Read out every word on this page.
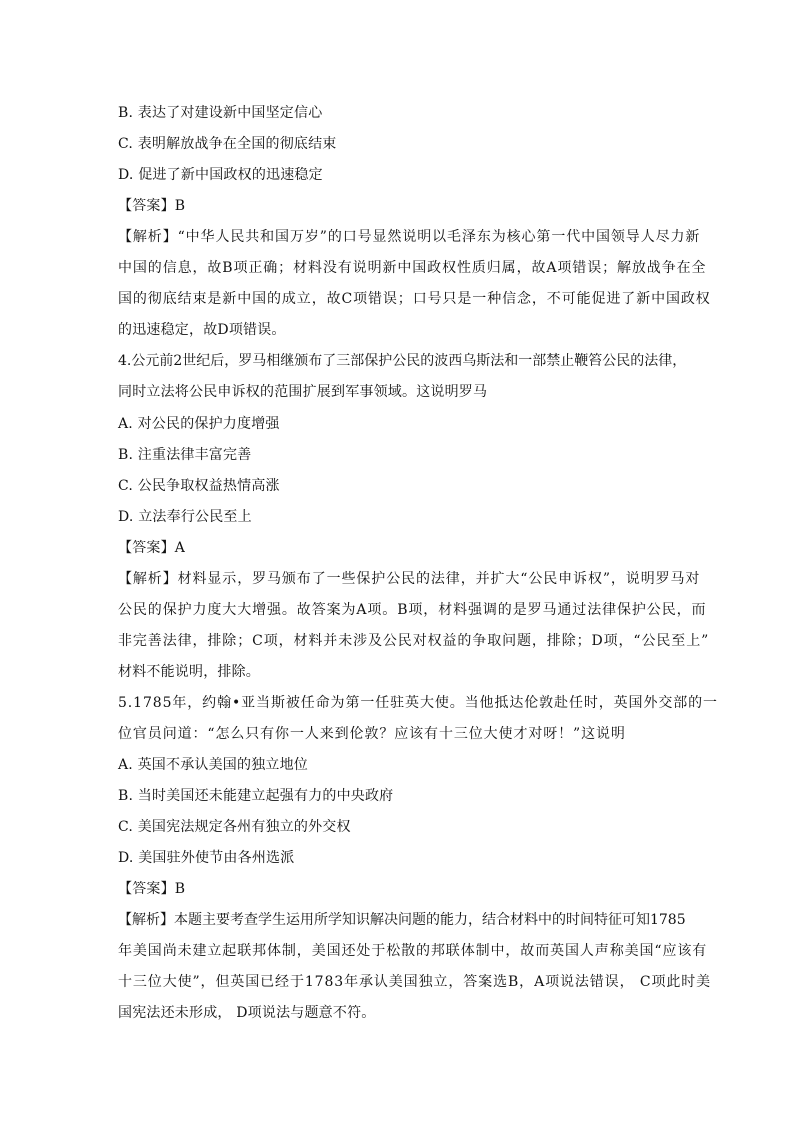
B. 表达了对建设新中国坚定信心
C. 表明解放战争在全国的彻底结束
D. 促进了新中国政权的迅速稳定
【答案】B
【解析】“中华人民共和国万岁”的口号显然说明以毛泽东为核心第一代中国领导人尽力新
中国的信息，故B项正确；材料没有说明新中国政权性质归属，故A项错误；解放战争在全
国的彻底结束是新中国的成立，故C项错误；口号只是一种信念，不可能促进了新中国政权
的迅速稳定，故D项错误。
4.公元前2世纪后，罗马相继颁布了三部保护公民的波西乌斯法和一部禁止鞭笞公民的法律，
同时立法将公民申诉权的范围扩展到军事领域。这说明罗马
A. 对公民的保护力度增强
B. 注重法律丰富完善
C. 公民争取权益热情高涨
D. 立法奉行公民至上
【答案】A
【解析】材料显示，罗马颁布了一些保护公民的法律，并扩大“公民申诉权”，说明罗马对
公民的保护力度大大增强。故答案为A项。B项，材料强调的是罗马通过法律保护公民，而
非完善法律，排除；C项，材料并未涉及公民对权益的争取问题，排除；D项，“公民至上”
材料不能说明，排除。
5.1785年，约翰•亚当斯被任命为第一任驻英大使。当他抵达伦敦赴任时，英国外交部的一
位官员问道：“怎么只有你一人来到伦敦？应该有十三位大使才对呀！”这说明
A. 英国不承认美国的独立地位
B. 当时美国还未能建立起强有力的中央政府
C. 美国宪法规定各州有独立的外交权
D. 美国驻外使节由各州选派
【答案】B
【解析】本题主要考查学生运用所学知识解决问题的能力，结合材料中的时间特征可知1785
年美国尚未建立起联邦体制，美国还处于松散的邦联体制中，故而英国人声称美国“应该有
十三位大使”，但英国已经于1783年承认美国独立，答案选B，A项说法错误， C项此时美
国宪法还未形成， D项说法与题意不符。
